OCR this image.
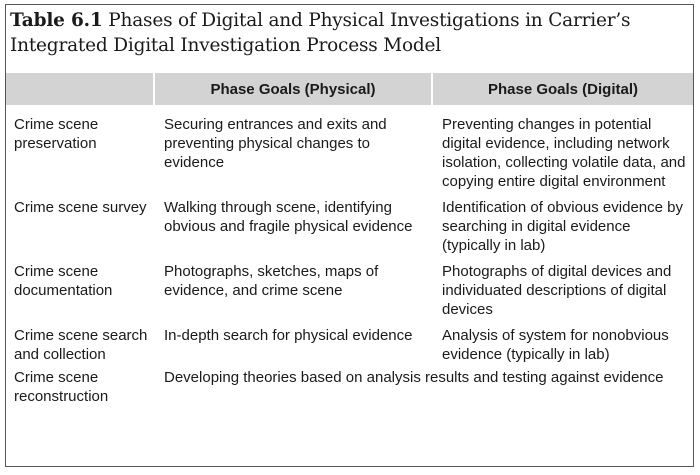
Table 6.1 Phases of Digital and Physical Investigations in Carrier’s Integrated Digital Investigation Process Model
	Phase Goals (Physical)	Phase Goals (Digital)
Crime scene preservation	Securing entrances and exits and preventing physical changes to evidence	Preventing changes in potential digital evidence, including network isolation, collecting volatile data, and copying entire digital environment
Crime scene survey	Walking through scene, identifying obvious and fragile physical evidence	Identification of obvious evidence by searching in digital evidence (typically in lab)
Crime scene documentation	Photographs, sketches, maps of evidence, and crime scene	Photographs of digital devices and individuated descriptions of digital devices
Crime scene search and collection	In-depth search for physical evidence	Analysis of system for nonobvious evidence (typically in lab)
Crime scene reconstruction	Developing theories based on analysis results and testing against evidence	
